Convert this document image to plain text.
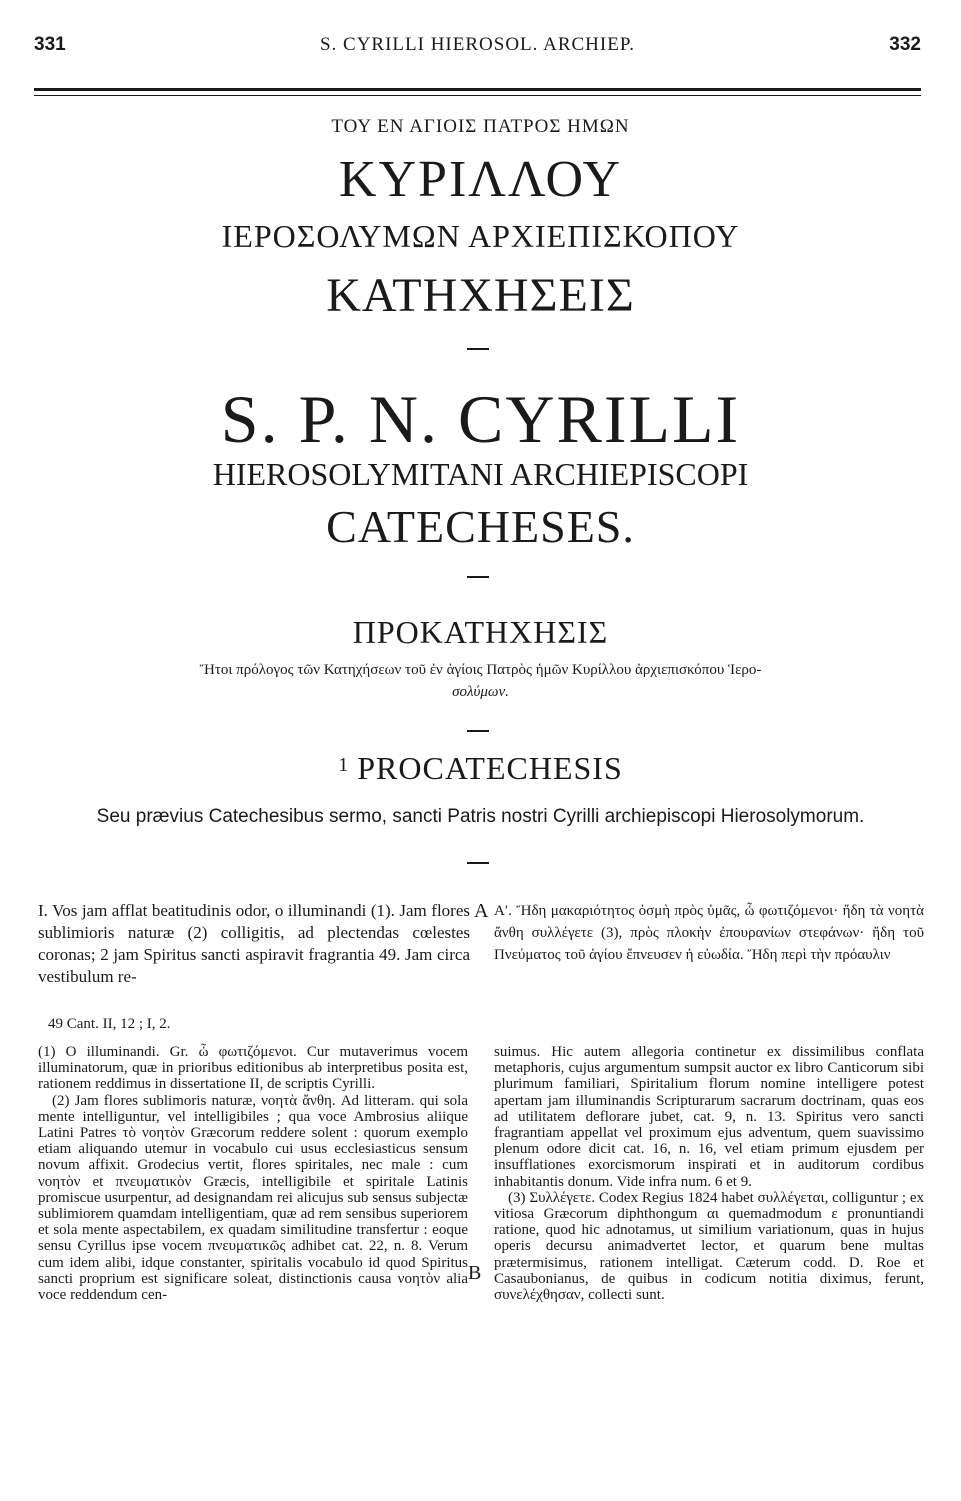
331	S. CYRILLI HIEROSOL. ARCHIEP.	332
ΤΟΥ ΕΝ ΑΓΙΟΙΣ ΠΑΤΡΟΣ ΗΜΩΝ
ΚΥΡΙΛΛΟΥ
ΙΕΡΟΣΟΛΥΜΩΝ ΑΡΧΙΕΠΙΣΚΟΠΟΥ
ΚΑΤΗΧΗΣΕΙΣ
S. P. N. CYRILLI
HIEROSOLYMITANI ARCHIEPISCOPI
CATECHESES.
ΠΡΟΚΑΤΗΧΗΣΙΣ
Ἤτοι πρόλογος τῶν Κατηχήσεων τοῦ ἐν ἁγίοις Πατρὸς ἡμῶν Κυρίλλου ἀρχιεπισκόπου Ἱερο-
σολύμων.
$^1$ PROCATECHESIS
Seu prævius Catechesibus sermo, sancti Patris nostri Cyrilli archiepiscopi Hierosolymorum.
I. Vos jam afflat beatitudinis odor, o illuminandi (1). Jam flores sublimioris naturæ (2) colligitis, ad plectendas cœlestes coronas; 2 jam Spiritus sancti aspiravit fragrantia 49. Jam circa vestibulum re-
A Αʹ. Ἤδη μακαριότητος ὀσμὴ πρὸς ὑμᾶς, ὦ φωτιζόμενοι· ἤδη τὰ νοητὰ ἄνθη συλλέγετε (3), πρὸς πλοκὴν ἐπουρανίων στεφάνων· ἤδη τοῦ Πνεύματος τοῦ ἁγίου ἔπνευσεν ἡ εὐωδία. Ἤδη περὶ τὴν πρόαυλιν
49 Cant. II, 12 ; I, 2.

(1) O illuminandi. Gr. ὦ φωτιζόμενοι. Cur mutaverimus vocem illuminatorum, quæ in prioribus editionibus ab interpretibus posita est, rationem reddimus in dissertatione II, de scriptis Cyrilli.

(2) Jam flores sublimoris naturæ, νοητὰ ἄνθη. Ad litteram. qui sola mente intelliguntur, vel intelligibiles ; qua voce Ambrosius aliique Latini Patres τὸ νοητὸν Græcorum reddere solent : quorum exemplo etiam aliquando utemur in vocabulo cui usus ecclesiasticus sensum novum affixit. Grodecius vertit, flores spiritales, nec male : cum νοητὸν et πνευματικὸν Græcis, intelligibile et spiritale Latinis promiscue usurpentur, ad designandam rei alicujus sub sensus subjectæ sublimiorem quamdam intelligentiam, quæ ad rem sensibus superiorem et sola mente aspectabilem, ex quadam similitudine transfertur : eoque sensu Cyrillus ipse vocem πνευματικῶς adhibet cat. 22, n. 8. Verum cum idem alibi, idque constanter, spiritalis vocabulo id quod Spiritus sancti proprium est significare soleat, distinctionis causa νοητὸν alia voce reddendum cen-

B

suimus. Hic autem allegoria continetur ex dissimilibus conflata metaphoris, cujus argumentum sumpsit auctor ex libro Canticorum sibi plurimum familiari, Spiritalium florum nomine intelligere potest apertam jam illuminandis Scripturarum sacrarum doctrinam, quas eos ad utilitatem deflorare jubet, cat. 9, n. 13. Spiritus vero sancti fragrantiam appellat vel proximum ejus adventum, quem suavissimo plenum odore dicit cat. 16, n. 16, vel etiam primum ejusdem per insufflationes exorcismorum inspirati et in auditorum cordibus inhabitantis donum. Vide infra num. 6 et 9.

(3) Συλλέγετε. Codex Regius 1824 habet συλλέγεται, colliguntur ; ex vitiosa Græcorum diphthongum αι quemadmodum ε pronuntiandi ratione, quod hic adnotamus, ut similium variationum, quas in hujus operis decursu animadvertet lector, et quarum bene multas prætermisimus, rationem intelligat. Cæterum codd. D. Roe et Casaubonianus, de quibus in codicum notitia diximus, ferunt, συνελέχθησαν, collecti sunt.
